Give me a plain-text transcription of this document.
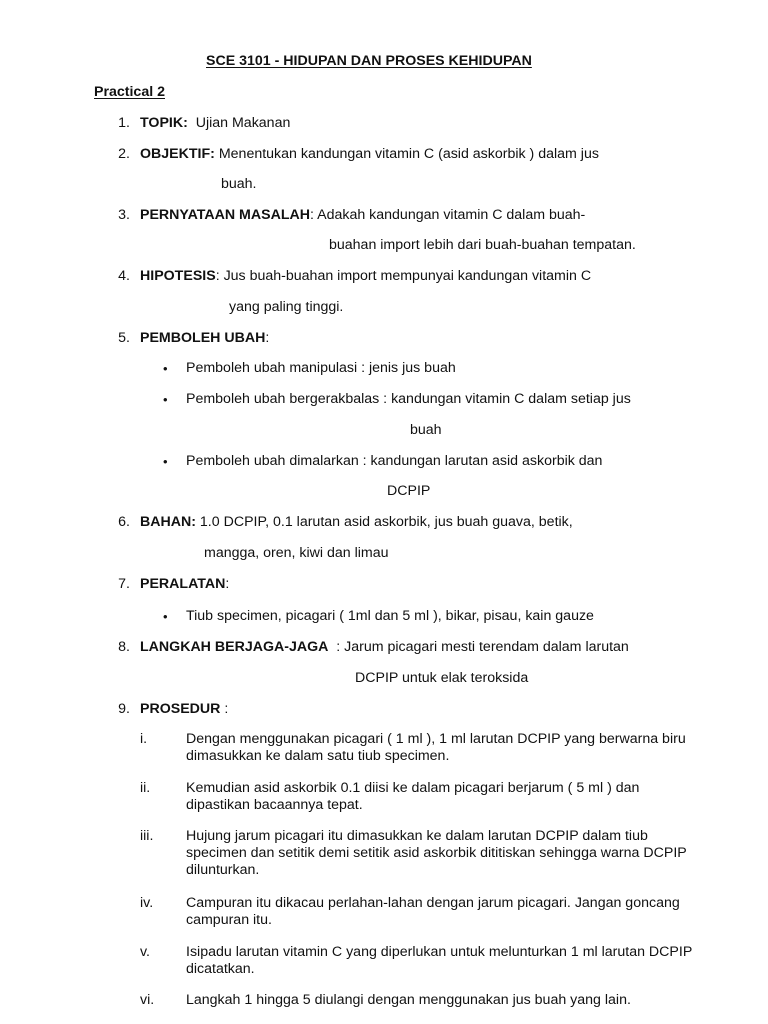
SCE 3101 - HIDUPAN DAN PROSES KEHIDUPAN
Practical 2
1. TOPIK: Ujian Makanan
2. OBJEKTIF: Menentukan kandungan vitamin C (asid askorbik ) dalam jus
buah.
3. PERNYATAAN MASALAH: Adakah kandungan vitamin C dalam buah-
buahan import lebih dari buah-buahan tempatan.
4. HIPOTESIS: Jus buah-buahan import mempunyai kandungan vitamin C
yang paling tinggi.
5. PEMBOLEH UBAH:
• Pemboleh ubah manipulasi : jenis jus buah
• Pemboleh ubah bergerakbalas : kandungan vitamin C dalam setiap jus
buah
• Pemboleh ubah dimalarkan : kandungan larutan asid askorbik dan
DCPIP
6. BAHAN: 1.0 DCPIP, 0.1 larutan asid askorbik, jus buah guava, betik,
mangga, oren, kiwi dan limau
7. PERALATAN:
• Tiub specimen, picagari ( 1ml dan 5 ml ), bikar, pisau, kain gauze
8. LANGKAH BERJAGA-JAGA  : Jarum picagari mesti terendam dalam larutan
DCPIP untuk elak teroksida
9. PROSEDUR :
i.	Dengan menggunakan picagari ( 1 ml ), 1 ml larutan DCPIP yang berwarna biru dimasukkan ke dalam satu tiub specimen.
ii.	Kemudian asid askorbik 0.1 diisi ke dalam picagari berjarum ( 5 ml ) dan dipastikan bacaannya tepat.
iii. Hujung jarum picagari itu dimasukkan ke dalam larutan DCPIP dalam tiub specimen dan setitik demi setitik asid askorbik dititiskan sehingga warna DCPIP dilunturkan.
iv. Campuran itu dikacau perlahan-lahan dengan jarum picagari. Jangan goncang campuran itu.
v.	Isipadu larutan vitamin C yang diperlukan untuk melunturkan 1 ml larutan DCPIP dicatatkan.
vi. Langkah 1 hingga 5 diulangi dengan menggunakan jus buah yang lain.
